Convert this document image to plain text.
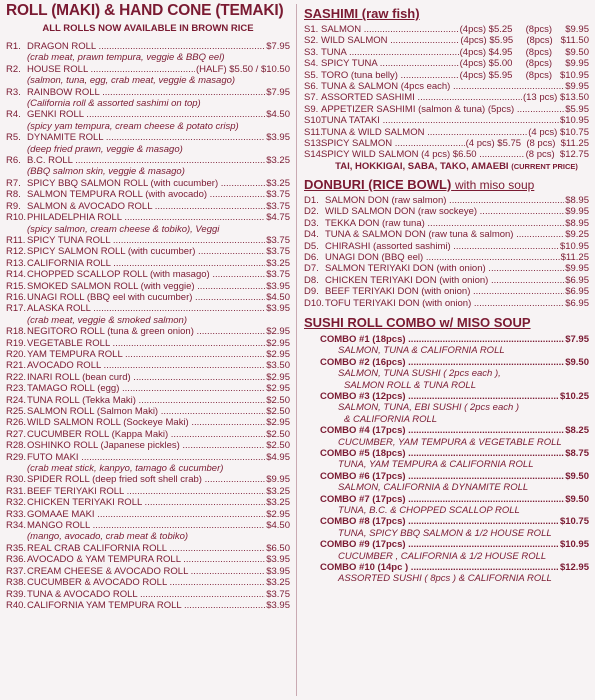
ROLL (MAKI) & HAND CONE (TEMAKI)
ALL ROLLS NOW AVAILABLE IN BROWN RICE
R1. DRAGON ROLL .....	$7.95
(crab meat, prawn tempura, veggie & BBQ eel)
R2. HOUSE ROLL .....	(HALF) $5.50 / $10.50
(salmon, tuna, egg, crab meat, veggie & masago)
R3. RAINBOW ROLL .....	$7.95
(California roll & assorted sashimi on top)
R4. GENKI ROLL .....	$4.50
(spicy yam tempura, cream cheese & potato crisp)
R5. DYNAMITE ROLL .....	$3.95
(deep fried prawn, veggie & masago)
R6. B.C. ROLL .....	$3.25
(BBQ salmon skin, veggie & masago)
R7. SPICY BBQ SALMON ROLL (with cucumber) .....	$3.25
R8. SALMON TEMPURA ROLL (with avocado) .....	$3.75
R9. SALMON & AVOCADO ROLL .....	$3.75
R10. PHILADELPHIA ROLL .....	$4.75
(spicy salmon, cream cheese & tobiko), Veggi
R11. SPICY TUNA ROLL .....	$3.75
R12. SPICY SALMON ROLL (with cucumber) .....	$3.75
R13. CALIFORNIA ROLL .....	$3.25
R14. CHOPPED SCALLOP ROLL (with masago) .....	$3.75
R15. SMOKED SALMON ROLL (with veggie) .....	$3.95
R16. UNAGI ROLL (BBQ eel with cucumber) .....	$4.50
R17. ALASKA ROLL .....	$3.95
(crab meat, veggie & smoked salmon)
R18. NEGITORO ROLL (tuna & green onion) .....	$2.95
R19. VEGETABLE ROLL .....	$2.95
R20. YAM TEMPURA ROLL .....	$2.95
R21. AVOCADO ROLL .....	$3.50
R22. INARI ROLL (bean curd) .....	$2.95
R23. TAMAGO ROLL (egg) .....	$2.95
R24. TUNA ROLL (Tekka Maki) .....	$2.50
R25. SALMON ROLL (Salmon Maki) .....	$2.50
R26. WILD SALMON ROLL (Sockeye Maki) .....	$2.95
R27. CUCUMBER ROLL (Kappa Maki) .....	$2.50
R28. OSHINKO ROLL (Japanese pickles) .....	$2.50
R29. FUTO MAKI .....	$4.95
(crab meat stick, kanpyo, tamago & cucumber)
R30. SPIDER ROLL (deep fried soft shell crab) .....	$9.95
R31. BEEF TERIYAKI ROLL .....	$3.25
R32. CHICKEN TERIYAKI ROLL .....	$3.25
R33. GOMAAE MAKI .....	$2.95
R34. MANGO ROLL .....	$4.50
(mango, avocado, crab meat & tobiko)
R35. REAL CRAB CALIFORNIA ROLL .....	$6.50
R36. AVOCADO & YAM TEMPURA ROLL .....	$3.95
R37. CREAM CHEESE & AVOCADO ROLL .....	$3.95
R38. CUCUMBER & AVOCADO ROLL .....	$3.25
R39. TUNA & AVOCADO ROLL .....	$3.75
R40. CALIFORNIA YAM TEMPURA ROLL .....	$3.95
SASHIMI (raw fish)
S1. SALMON .....	(4pcs) $5.25     (8pcs)     $9.95
S2. WILD SALMON .....	(4pcs) $5.95     (8pcs)   $11.50
S3. TUNA .....	(4pcs) $4.95     (8pcs)     $9.50
S4. SPICY TUNA .....	(4pcs) $5.00     (8pcs)     $9.95
S5. TORO (tuna belly) .....	(4pcs) $5.95     (8pcs)   $10.95
S6. TUNA & SALMON (4pcs each) .....	$9.95
S7. ASSORTED SASHIMI .....	(13 pcs) $13.50
S9. APPETIZER SASHIMI (salmon & tuna) (5pcs) .....	$5.95
S10.
TUNA TATAKI .....	$10.95
S11.
TUNA & WILD SALMON .....	(4 pcs) $10.75
S13.
SPICY SALMON .....	(4 pcs) $5.75  (8 pcs)  $11.25
S14.
SPICY WILD SALMON (4 pcs) $6.50 .....	(8 pcs)  $12.75
TAI, HOKKIGAI, SABA, TAKO, AMAEBI (CURRENT PRICE)
DONBURI (RICE BOWL) with miso soup
D1. SALMON DON (raw salmon) .....	$8.95
D2. WILD SALMON DON (raw sockeye) .....	$9.95
D3. TEKKA DON (raw tuna) .....	$8.95
D4. TUNA & SALMON DON (raw tuna & salmon) .....	$9.25
D5. CHIRASHI (assorted sashimi) .....	$10.95
D6. UNAGI DON (BBQ eel) .....	$11.25
D7. SALMON TERIYAKI DON (with onion) .....	$9.95
D8. CHICKEN TERIYAKI DON (with onion) .....	$6.95
D9. BEEF TERIYAKI DON (with onion) .....	$6.95
D10. TOFU TERIYAKI DON (with onion) .....	$6.95
SUSHI ROLL COMBO w/ MISO SOUP
COMBO #1 (18pcs) .....	$7.95
SALMON, TUNA & CALIFORNIA ROLL
COMBO #2 (16pcs) .....	$9.50
SALMON, TUNA SUSHI ( 2pcs each ),
SALMON ROLL & TUNA ROLL
COMBO #3 (12pcs) .....	$10.25
SALMON, TUNA, EBI SUSHI ( 2pcs each )
& CALIFORNIA ROLL
COMBO #4 (17pcs) .....	$8.25
CUCUMBER, YAM TEMPURA & VEGETABLE ROLL
COMBO #5 (18pcs) .....	$8.75
TUNA, YAM TEMPURA & CALIFORNIA ROLL
COMBO #6 (17pcs) .....	$9.50
SALMON, CALIFORNIA & DYNAMITE ROLL
COMBO #7 (17pcs) .....	$9.50
TUNA, B.C. & CHOPPED SCALLOP ROLL
COMBO #8 (17pcs) .....	$10.75
TUNA, SPICY BBQ SALMON & 1/2 HOUSE ROLL
COMBO #9 (17pcs) .....	$10.95
CUCUMBER , CALIFORNIA & 1/2 HOUSE ROLL
COMBO #10 (14pc ) .....	$12.95
ASSORTED SUSHI ( 8pcs ) & CALIFORNIA ROLL
